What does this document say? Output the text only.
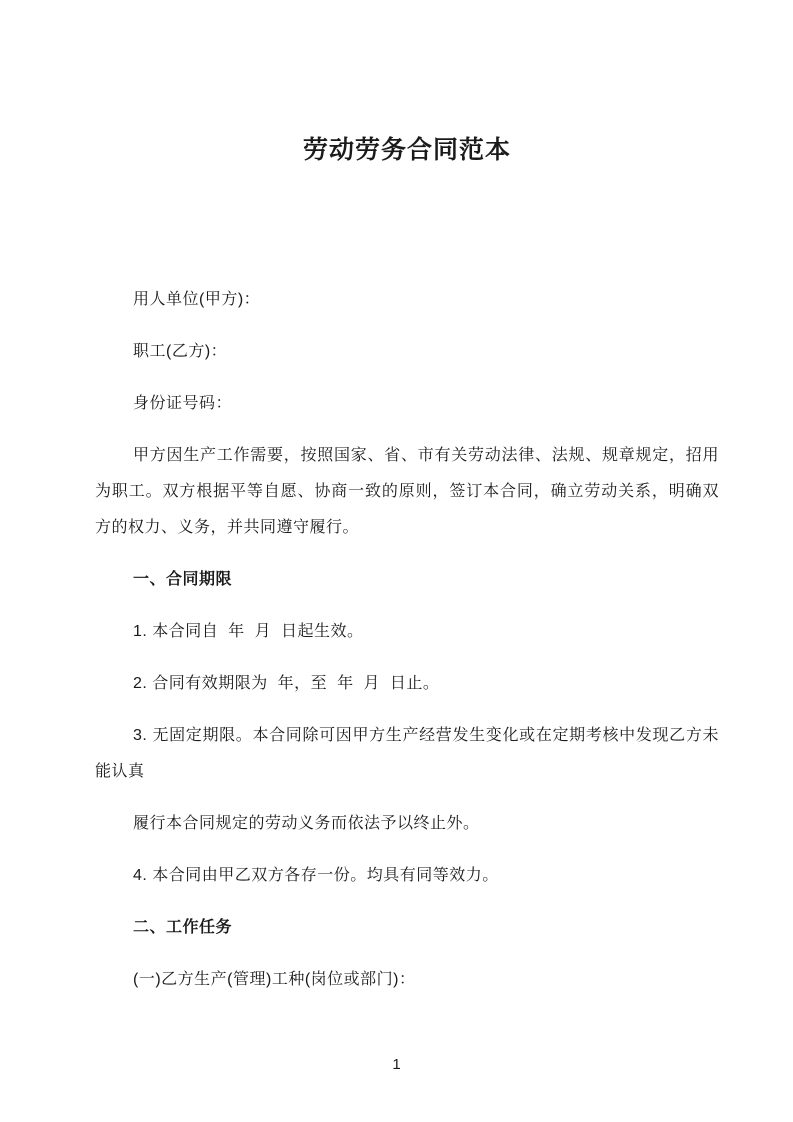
劳动劳务合同范本

用人单位(甲方)：

职工(乙方)：

身份证号码：

甲方因生产工作需要，按照国家、省、市有关劳动法律、法规、规章规定，招用为职工。双方根据平等自愿、协商一致的原则，签订本合同，确立劳动关系，明确双方的权力、义务，并共同遵守履行。

一、合同期限

1. 本合同自  年  月  日起生效。

2. 合同有效期限为  年，至  年  月  日止。

3. 无固定期限。本合同除可因甲方生产经营发生变化或在定期考核中发现乙方未能认真

履行本合同规定的劳动义务而依法予以终止外。

4. 本合同由甲乙双方各存一份。均具有同等效力。

二、工作任务

(一)乙方生产(管理)工种(岗位或部门)：

1
